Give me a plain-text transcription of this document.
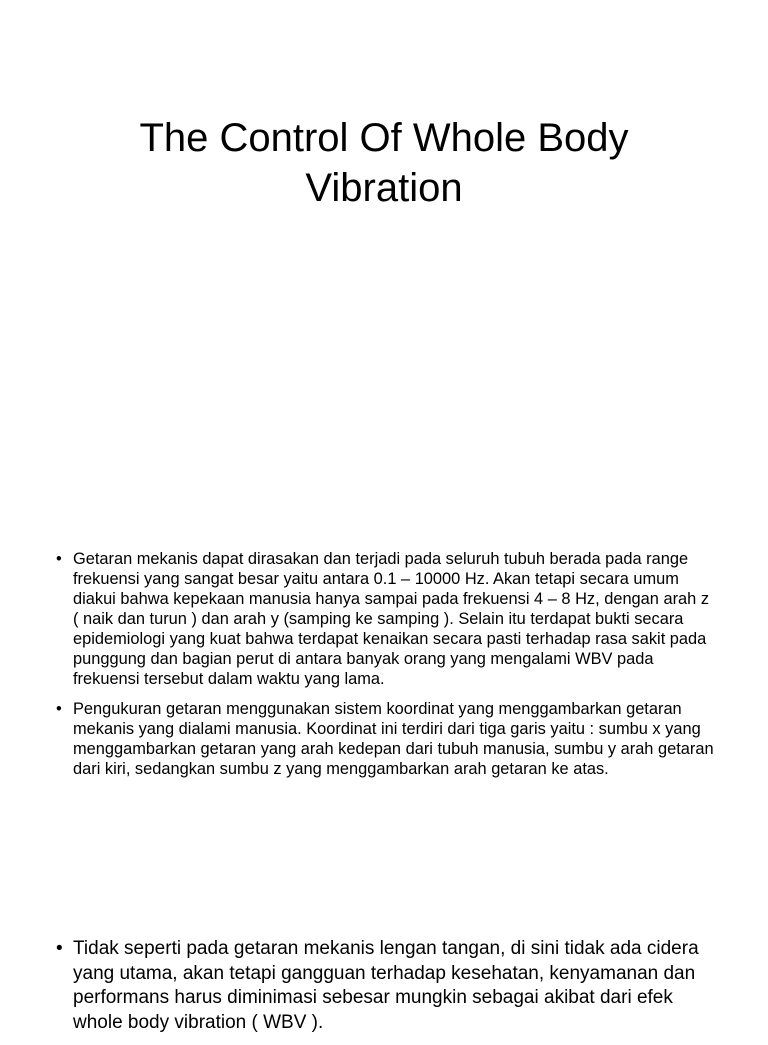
The Control Of Whole Body Vibration
• Getaran mekanis dapat dirasakan dan terjadi pada seluruh tubuh berada pada range frekuensi yang sangat besar yaitu antara 0.1 – 10000 Hz. Akan tetapi secara umum diakui bahwa kepekaan manusia hanya sampai pada frekuensi 4 – 8 Hz, dengan arah z ( naik dan turun ) dan arah y (samping ke samping ). Selain itu terdapat bukti secara epidemiologi yang kuat bahwa terdapat kenaikan secara pasti terhadap rasa sakit pada punggung dan bagian perut di antara banyak orang yang mengalami WBV pada frekuensi tersebut dalam waktu yang lama.
• Pengukuran getaran menggunakan sistem koordinat yang menggambarkan getaran mekanis yang dialami manusia. Koordinat ini terdiri dari tiga garis yaitu : sumbu x yang menggambarkan getaran yang arah kedepan dari tubuh manusia, sumbu y arah getaran dari kiri, sedangkan sumbu z yang menggambarkan arah getaran ke atas.
• Tidak seperti pada getaran mekanis lengan tangan, di sini tidak ada cidera yang utama, akan tetapi gangguan terhadap kesehatan, kenyamanan dan performans harus diminimasi sebesar mungkin sebagai akibat dari efek whole body vibration ( WBV ).
